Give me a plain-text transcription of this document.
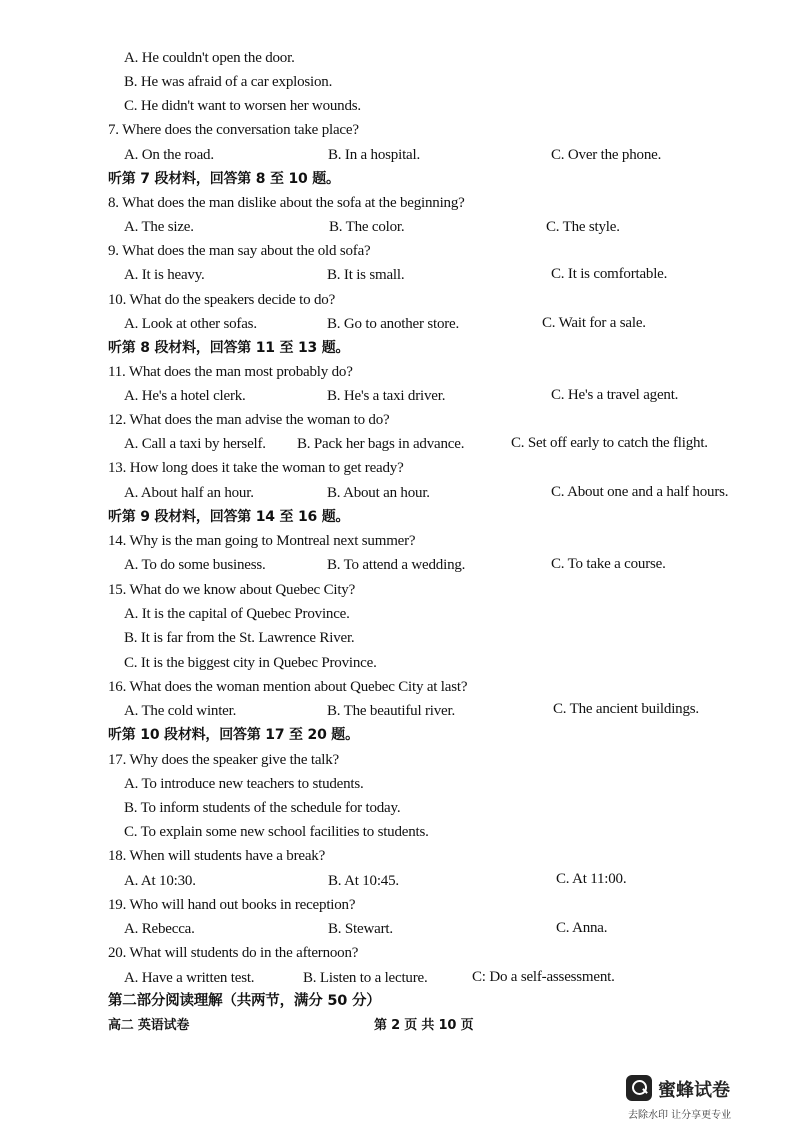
A. He couldn't open the door.
B. He was afraid of a car explosion.
C. He didn't want to worsen her wounds.
7. Where does the conversation take place?
A. On the road.	B. In a hospital.	C. Over the phone.
听第 7 段材料，回答第 8 至 10 题。
8. What does the man dislike about the sofa at the beginning?
A. The size.	B. The color.	C. The style.
9. What does the man say about the old sofa?
A. It is heavy.	B. It is small.	C. It is comfortable.
10. What do the speakers decide to do?
A. Look at other sofas.	B. Go to another store.	C. Wait for a sale.
听第 8 段材料，回答第 11 至 13 题。
11. What does the man most probably do?
A. He's a hotel clerk.	B. He's a taxi driver.	C. He's a travel agent.
12. What does the man advise the woman to do?
A. Call a taxi by herself. B. Pack her bags in advance.	C. Set off early to catch the flight.
13. How long does it take the woman to get ready?
A. About half an hour.	B. About an hour.	C. About one and a half hours.
听第 9 段材料，回答第 14 至 16 题。
14. Why is the man going to Montreal next summer?
A. To do some business.	B. To attend a wedding.	C. To take a course.
15. What do we know about Quebec City?
A. It is the capital of Quebec Province.
B. It is far from the St. Lawrence River.
C. It is the biggest city in Quebec Province.
16. What does the woman mention about Quebec City at last?
A. The cold winter.	B. The beautiful river.	C. The ancient buildings.
听第 10 段材料，回答第 17 至 20 题。
17. Why does the speaker give the talk?
A. To introduce new teachers to students.
B. To inform students of the schedule for today.
C. To explain some new school facilities to students.
18. When will students have a break?
A. At 10:30.	B. At 10:45.	C. At 11:00.
19. Who will hand out books in reception?
A. Rebecca.	B. Stewart.	C. Anna.
20. What will students do in the afternoon?
A. Have a written test.	B. Listen to a lecture.	C: Do a self-assessment.
第二部分阅读理解（共两节，满分 50 分）
高二 英语试卷	第 2 页 共 10 页
蜜蜂试卷
去除水印 让分享更专业
